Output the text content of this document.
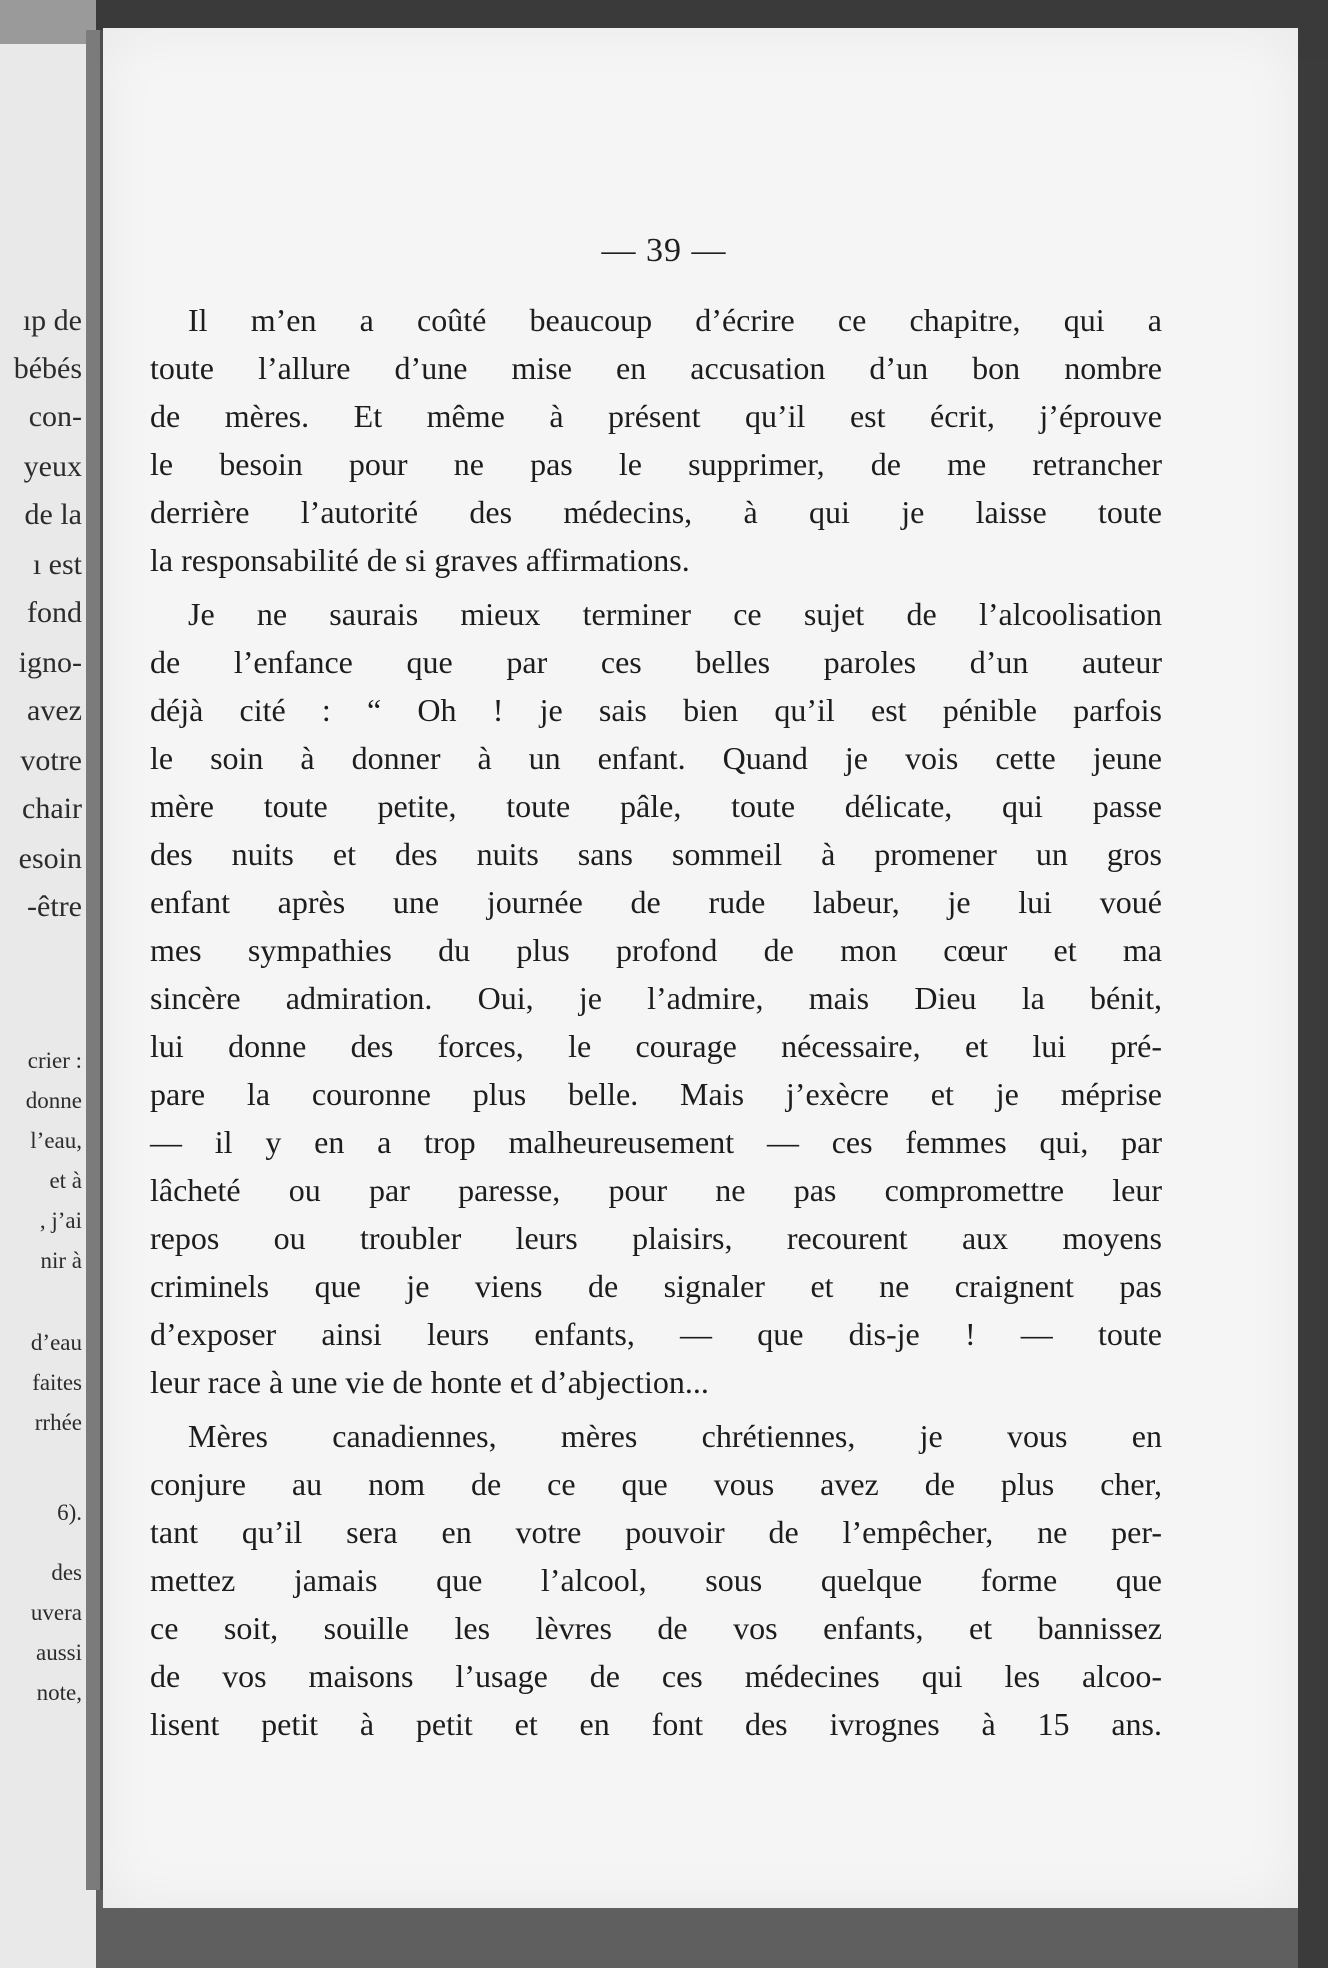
ıp de
bébés
con-
yeux
de la
ı est
fond
igno-
avez
votre
chair
esoin
-être
crier :
donne
l’eau,
et à
, j’ai
nir à
d’eau
faites
rrhée
6).
des
uvera
aussi
note,
— 39 —
Il m’en a coûté beaucoup d’écrire ce chapitre, qui a
toute l’allure d’une mise en accusation d’un bon nombre
de mères. Et même à présent qu’il est écrit, j’éprouve
le besoin pour ne pas le supprimer, de me retrancher
derrière l’autorité des médecins, à qui je laisse toute
la responsabilité de si graves affirmations.
Je ne saurais mieux terminer ce sujet de l’alcoolisation
de l’enfance que par ces belles paroles d’un auteur
déjà cité : “ Oh ! je sais bien qu’il est pénible parfois
le soin à donner à un enfant. Quand je vois cette jeune
mère toute petite, toute pâle, toute délicate, qui passe
des nuits et des nuits sans sommeil à promener un gros
enfant après une journée de rude labeur, je lui voué
mes sympathies du plus profond de mon cœur et ma
sincère admiration. Oui, je l’admire, mais Dieu la bénit,
lui donne des forces, le courage nécessaire, et lui pré-
pare la couronne plus belle. Mais j’exècre et je méprise
— il y en a trop malheureusement — ces femmes qui, par
lâcheté ou par paresse, pour ne pas compromettre leur
repos ou troubler leurs plaisirs, recourent aux moyens
criminels que je viens de signaler et ne craignent pas
d’exposer ainsi leurs enfants, — que dis-je ! — toute
leur race à une vie de honte et d’abjection...
Mères canadiennes, mères chrétiennes, je vous en
conjure au nom de ce que vous avez de plus cher,
tant qu’il sera en votre pouvoir de l’empêcher, ne per-
mettez jamais que l’alcool, sous quelque forme que
ce soit, souille les lèvres de vos enfants, et bannissez
de vos maisons l’usage de ces médecines qui les alcoo-
lisent petit à petit et en font des ivrognes à 15 ans.
